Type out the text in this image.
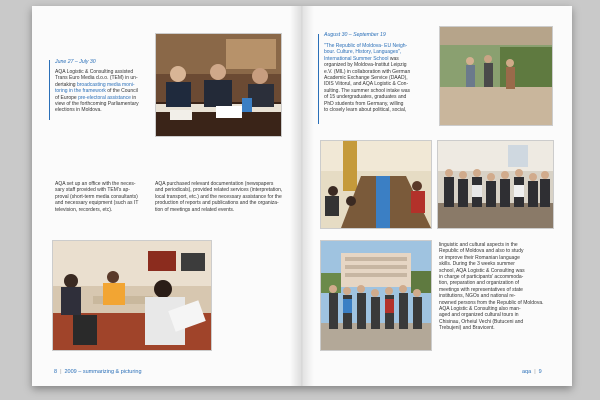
June 27 – July 30
AQA Logistic & Consulting assisted
Trans Euro Media d.o.o. (TEM) in un-
dertaking broadcasting media moni-
toring in the framework of the Council
of Europe pre-electoral assistance in
view of the forthcoming Parliamentary
elections in Moldova.
AQA set up an office with the neces-
sary staff provided with TEM's ap-
proval (short-term media consultants)
and necessary equipment (such as IT
television, recorders, etc).
AQA purchased relevant documentation (newspapers
and periodicals), provided related services (interpretation,
local transport, etc.) and the necessary assistance for the
production of reports and publications and the organiza-
tion of meetings and related events.
8 | 2009 – summarizing & picturing
August 30 – September 19
"The Republic of Moldova- EU Neigh-
bour. Culture, History, Languages",
International Summer School was
organized by Moldova-Institut Leipzig
e.V. (MIL) in collaboration with German
Academic Exchange Service (DAAD),
IDIS Viitorul, and AQA Logistic & Con-
sulting. The summer school intake was
of 15 undergraduates, graduates and
PhD students from Germany, willing
to closely learn about political, social,
linguistic and cultural aspects in the
Republic of Moldova and also to study
or improve their Romanian language
skills. During the 3 weeks summer
school, AQA Logistic & Consulting was
in charge of participants' accommoda-
tion, preparation and organization of
meetings with representatives of state
institutions, NGOs and national re-
nowned persons from the Republic of Moldova.
AQA Logistic & Consulting also man-
aged and organized cultural tours in
Chisinau, Orheiul Vechi (Butuceni and
Trebujeni) and Bravicent.
aqa | 9
